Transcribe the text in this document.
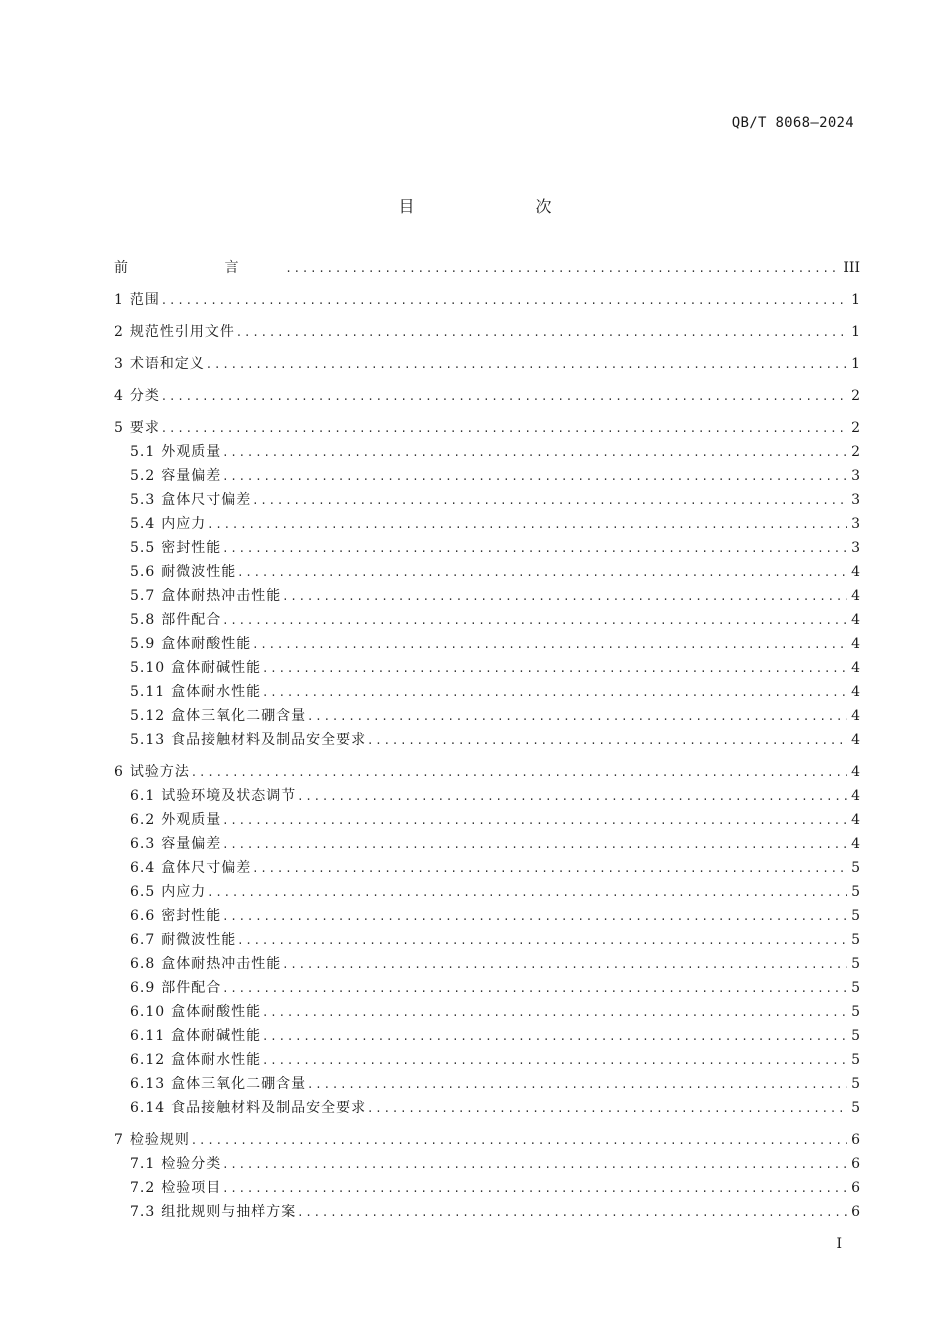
QB/T 8068—2024

目 次
前 言 . . .	III
1 范围 . . .	1
2 规范性引用文件 . . .	1
3 术语和定义 . . .	1
4 分类 . . .	2
5 要求 . . .	2
5.1 外观质量 . . .	2
5.2 容量偏差 . . .	3
5.3 盒体尺寸偏差 . . .	3
5.4 内应力 . . .	3
5.5 密封性能 . . .	3
5.6 耐微波性能 . . .	4
5.7 盒体耐热冲击性能 . . .	4
5.8 部件配合 . . .	4
5.9 盒体耐酸性能 . . .	4
5.10 盒体耐碱性能 . . .	4
5.11 盒体耐水性能 . . .	4
5.12 盒体三氧化二硼含量 . . .	4
5.13 食品接触材料及制品安全要求 . . .	4
6 试验方法 . . .	4
6.1 试验环境及状态调节 . . .	4
6.2 外观质量 . . .	4
6.3 容量偏差 . . .	4
6.4 盒体尺寸偏差 . . .	5
6.5 内应力 . . .	5
6.6 密封性能 . . .	5
6.7 耐微波性能 . . .	5
6.8 盒体耐热冲击性能 . . .	5
6.9 部件配合 . . .	5
6.10 盒体耐酸性能 . . .	5
6.11 盒体耐碱性能 . . .	5
6.12 盒体耐水性能 . . .	5
6.13 盒体三氧化二硼含量 . . .	5
6.14 食品接触材料及制品安全要求 . . .	5
7 检验规则 . . .	6
7.1 检验分类 . . .	6
7.2 检验项目 . . .	6
7.3 组批规则与抽样方案 . . .	6

I
